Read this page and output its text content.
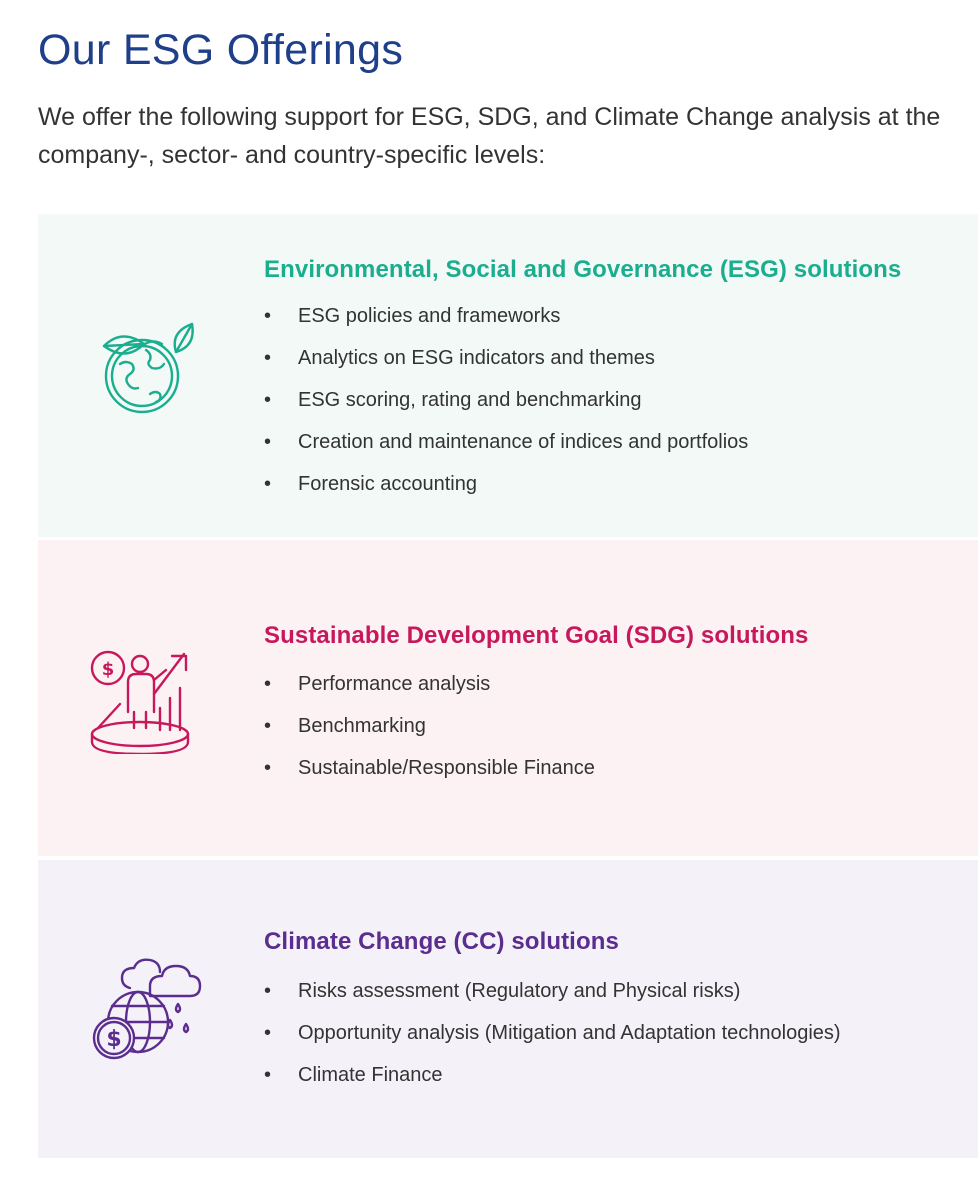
Our ESG Offerings

We offer the following support for ESG, SDG, and Climate Change analysis at the company-, sector- and country-specific levels:

Environmental, Social and Governance (ESG) solutions
• ESG policies and frameworks
• Analytics on ESG indicators and themes
• ESG scoring, rating and benchmarking
• Creation and maintenance of indices and portfolios
• Forensic accounting
$
Sustainable Development Goal (SDG) solutions
• Performance analysis
• Benchmarking
• Sustainable/Responsible Finance
$
Climate Change (CC) solutions
• Risks assessment (Regulatory and Physical risks)
• Opportunity analysis (Mitigation and Adaptation technologies)
• Climate Finance
